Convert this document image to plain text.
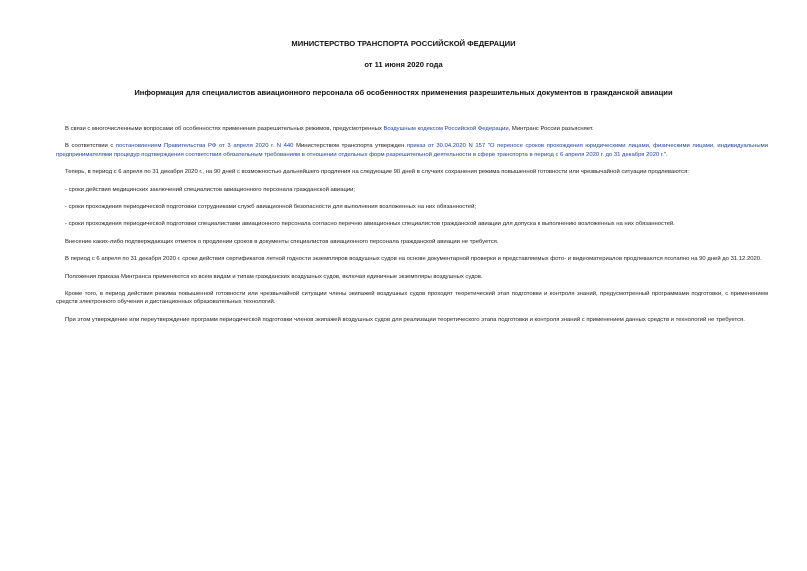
МИНИСТЕРСТВО ТРАНСПОРТА РОССИЙСКОЙ ФЕДЕРАЦИИ
от 11 июня 2020 года
Информация для специалистов авиационного персонала об особенностях применения разрешительных документов в гражданской авиации

В связи с многочисленными вопросами об особенностях применения разрешительных режимов, предусмотренных Воздушным кодексом Российской Федерации, Минтранс России разъясняет.

В соответствии с постановлением Правительства РФ от 3 апреля 2020 г. N 440 Министерством транспорта утвержден приказ от 30.04.2020 N 157 "О переносе сроков прохождения юридическими лицами, физическими лицами, индивидуальными предпринимателями процедур подтверждения соответствия обязательным требованиям в отношении отдельных форм разрешительной деятельности в сфере транспорта в период с 6 апреля 2020 г. до 31 декабря 2020 г.".

Теперь, в период с 6 апреля по 31 декабря 2020 г., на 90 дней с возможностью дальнейшего продления на следующие 90 дней в случаях сохранения режима повышенной готовности или чрезвычайной ситуации продлеваются:

- сроки действия медицинских заключений специалистов авиационного персонала гражданской авиации;

- сроки прохождения периодической подготовки сотрудниками служб авиационной безопасности для выполнения возложенных на них обязанностей;

- сроки прохождения периодической подготовки специалистами авиационного персонала согласно перечню авиационных специалистов гражданской авиации для допуска к выполнению возложенных на них обязанностей.

Внесение каких-либо подтверждающих отметок о продлении сроков в документы специалистов авиационного персонала гражданской авиации не требуется.

В период с 6 апреля по 31 декабря 2020 г. сроки действия сертификатов летной годности экземпляров воздушных судов на основе документарной проверки и представляемых фото- и видеоматериалов продлеваются поэтапно на 90 дней до 31.12.2020.

Положения приказа Минтранса применяются ко всем видам и типам гражданских воздушных судов, включая единичные экземпляры воздушных судов.

Кроме того, в период действия режима повышенной готовности или чрезвычайной ситуации члены экипажей воздушных судов проходят теоретический этап подготовки и контроля знаний, предусмотренный программами подготовки, с применением средств электронного обучения и дистанционных образовательных технологий.

При этом утверждение или переутверждение программ периодической подготовки членов экипажей воздушных судов для реализации теоретического этапа подготовки и контроля знаний с применением данных средств и технологий не требуется.
